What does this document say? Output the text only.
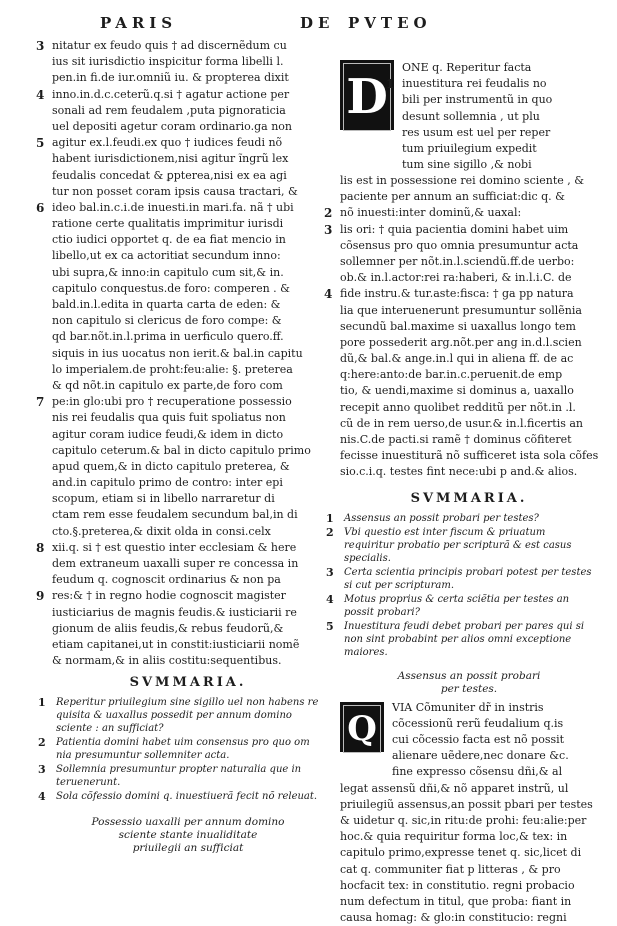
PARIS	DE PVTEO
3 nitatur ex feudo quis † ad discernẽdum cu
ius sit iurisdictio inspicitur forma libelli l.
pen.in fi.de iur.omniũ iu. & propterea dixit
4 inno.in.d.c.ceterũ.q.si † agatur actione per
sonali ad rem feudalem ,puta pignoraticia
uel depositi agetur coram ordinario.ga non
5 agitur ex.l.feudi.ex quo † iudices feudi nõ
habent iurisdictionem,nisi agitur ĩngrũ lex
feudalis concedat & ꝑpterea,nisi ex ea agi
tur non posset coram ipsis causa tractari, &
6 ideo bal.in.c.i.de inuesti.in mari.fa. nã † ubi
ratione certe qualitatis imprimitur iurisdi
ctio iudici opportet q. de ea fiat mencio in
libello,ut ex ca actoritiat secundum inno:
ubi supra,& inno:in capitulo cum sit,& in.
capitulo conquestus.de foro: comperen . &
bald.in.l.edita in quarta carta de eden: &
non capitulo si clericus de foro compe: &
qd bar.nõt.in.l.prima in uerficulo quero.ff.
siquis in ius uocatus non ierit.& bal.in capitu
lo imperialem.de proht:feu:alie: §. preterea
& qd nõt.in capitulo ex parte,de foro com
7 pe:in glo:ubi pro † recuperatione possessio
nis rei feudalis qua quis fuit spoliatus non
agitur coram iudice feudi,& idem in dicto
capitulo ceterum.& bal in dicto capitulo primo
apud quem,& in dicto capitulo preterea, &
and.in capitulo primo de contro: inter epi
scopum, etiam si in libello narraretur di
ctam rem esse feudalem secundum bal,in di
cto.§.preterea,& dixit olda in consi.celx
8 xii.q. si † est questio inter ecclesiam & here
dem extraneum uaxalli super re concessa in
feudum q. cognoscit ordinarius & non pa
9 res:& † in regno hodie cognoscit magister
iusticiarius de magnis feudis.& iusticiarii re
gionum de aliis feudis,& rebus feudorũ,&
etiam capitanei,ut in constit:iusticiarii nomẽ
& normam,& in aliis costitu:sequentibus.
SVMMARIA.
1 Reperitur priuilegium sine sigillo uel non habens re quisita & uaxallus possedit per annum domino sciente : an sufficiat?
2 Patientia domini habet uim consensus pro quo om nia presumuntur sollemniter acta.
3 Sollemnia presumuntur propter naturalia que in teruenerunt.
4 Sola cõfessio domini q. inuestiuerã fecit nõ releuat.
Possessio uaxalli per annum domino
sciente stante inualiditate
priuilegii an sufficiat
D
ONE q. Reperitur facta
1 inuestitura rei feudalis no
bili per instrumentũ in quo
desunt sollemnia , ut plu
res usum est uel per reper
tum priuilegium expedit
tum sine sigillo ,& nobi
lis est in possessione rei domino sciente , &
paciente per annum an sufficiat:dic q. &
2 nõ inuesti:inter dominũ,& uaxal:
3 lis ori: † quia pacientia domini habet uim
cõsensus pro quo omnia presumuntur acta
sollemner per nõt.in.l.sciendũ.ff.de uerbo:
ob.& in.l.actor:rei ra:haberi, & in.l.i.C. de
4 fide instru.& tur.aste:fisca: † ga pp natura
lia que interuenerunt presumuntur sollẽnia
secundũ bal.maxime si uaxallus longo tem
pore possederit arg.nõt.per ang in.d.l.scien
dũ,& bal.& ange.in.l qui in aliena ff. de ac
q:here:anto:de bar.in.c.peruenit.de emp
tio, & uendi,maxime si dominus a, uaxallo
recepit anno quolibet redditũ per nõt.in .l.
cũ de in rem uerso,de usur.& in.l.ficertis an
nis.C.de pacti.si ramẽ † dominus cõfiteret
fecisse inuestiturã nõ sufficeret ista sola cõfes
sio.c.i.q. testes fint nece:ubi p and.& alios.
SVMMARIA.
1 Assensus an possit probari per testes?
2 Vbi questio est inter fiscum & priuatum requiritur probatio per scripturã & est casus specialis.
3 Certa scientia principis probari potest per testes si cut per scripturam.
4 Motus proprius & certa sciẽtia per testes an possit probari?
5 Inuestitura feudi debet probari per pares qui si non sint probabint per alios omni exceptione maiores.
Assensus an possit probari
per testes.
Q
VIA Cõmuniter dr̃ in instris
cõcessionũ rerũ feudalium q.is
cui cõcessio facta est nõ possit
alienare uẽdere,nec donare &c.
fine expresso cõsensu dñi,& al
legat assensũ dñi,& nõ apparet instrũ, ul
priuilegiũ assensus,an possit pbari per testes
& uidetur q. sic,in ritu:de prohi: feu:alie:per
hoc.& quia requiritur forma loc,& tex: in
capitulo primo,expresse tenet q. sic,licet di
cat q. communiter fiat p litteras , & pro
hocfacit tex: in constitutio. regni probacio
num defectum in titul, que proba: fiant in
causa homag: & glo:in constitucio: regni
